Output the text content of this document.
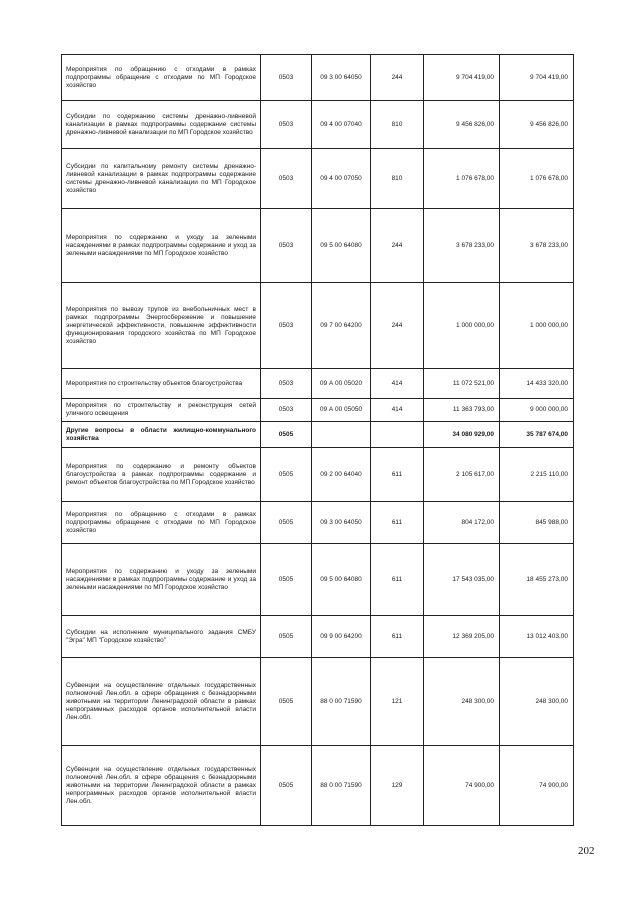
Мероприятия по обращению с отходами в рамках подпрограммы обращение с отходами по МП Городское хозяйство	0503	09 3 00 64050	244	9 704 419,00	9 704 419,00
Субсидии по содержанию системы дренажно-ливневой канализации в рамках подпрограммы содержание системы дренажно-ливневой канализации по МП Городское хозяйство	0503	09 4 00 07040	810	9 456 826,00	9 456 826,00
Субсидии по капитальному ремонту системы дренажно-ливневой канализации в рамках подпрограммы содержание системы дренажно-ливневой канализации по МП Городское хозяйство	0503	09 4 00 07050	810	1 076 678,00	1 076 678,00
Мероприятия по содержанию и уходу за зелеными насаждениями в рамках подпрограммы содержание и уход за зелеными насаждениями по МП Городское хозяйство	0503	09 5 00 64080	244	3 678 233,00	3 678 233,00
Мероприятия по вывозу трупов из внебольничных мест в рамках подпрограммы Энергосбережение и повышение энергетической эффективности, повышение эффективности функционирования городского хозяйства по МП Городское хозяйство	0503	09 7 00 64200	244	1 000 000,00	1 000 000,00
Мероприятия по строительству объектов благоустройства	0503	09 А 00 05020	414	11 072 521,00	14 433 320,00
Мероприятия по строительству и реконструкция сетей уличного освещения	0503	09 А 00 05050	414	11 363 793,00	9 000 000,00
Другие вопросы в области жилищно-коммунального хозяйства	0505			34 080 929,00	35 787 674,00
Мероприятия по содержанию и ремонту объектов благоустройства в рамках подпрограммы содержание и ремонт объектов благоустройства по МП Городское хозяйство	0505	09 2 00 64040	611	2 105 617,00	2 215 110,00
Мероприятия по обращению с отходами в рамках подпрограммы обращение с отходами по МП Городское хозяйство	0505	09 3 00 64050	611	804 172,00	845 988,00
Мероприятия по содержанию и уходу за зелеными насаждениями в рамках подпрограммы содержание и уход за зелеными насаждениями по МП Городское хозяйство	0505	09 5 00 64080	611	17 543 035,00	18 455 273,00
Субсидии на исполнение муниципального задания СМБУ "Эгра" МП "Городское хозяйство"	0505	09 9 00 64200	611	12 369 205,00	13 012 403,00
Субвенции на осуществление отдельных государственных полномочий Лен.обл. в сфере обращения с безнадзорными животными на территории Ленинградской области в рамках непрограммных расходов органов исполнительной власти Лен.обл.	0505	88 0 00 71590	121	248 300,00	248 300,00
Субвенции на осуществление отдельных государственных полномочий Лен.обл. в сфере обращения с безнадзорными животными на территории Ленинградской области в рамках непрограммных расходов органов исполнительной власти Лен.обл.	0505	88 0 00 71590	129	74 900,00	74 900,00
202
